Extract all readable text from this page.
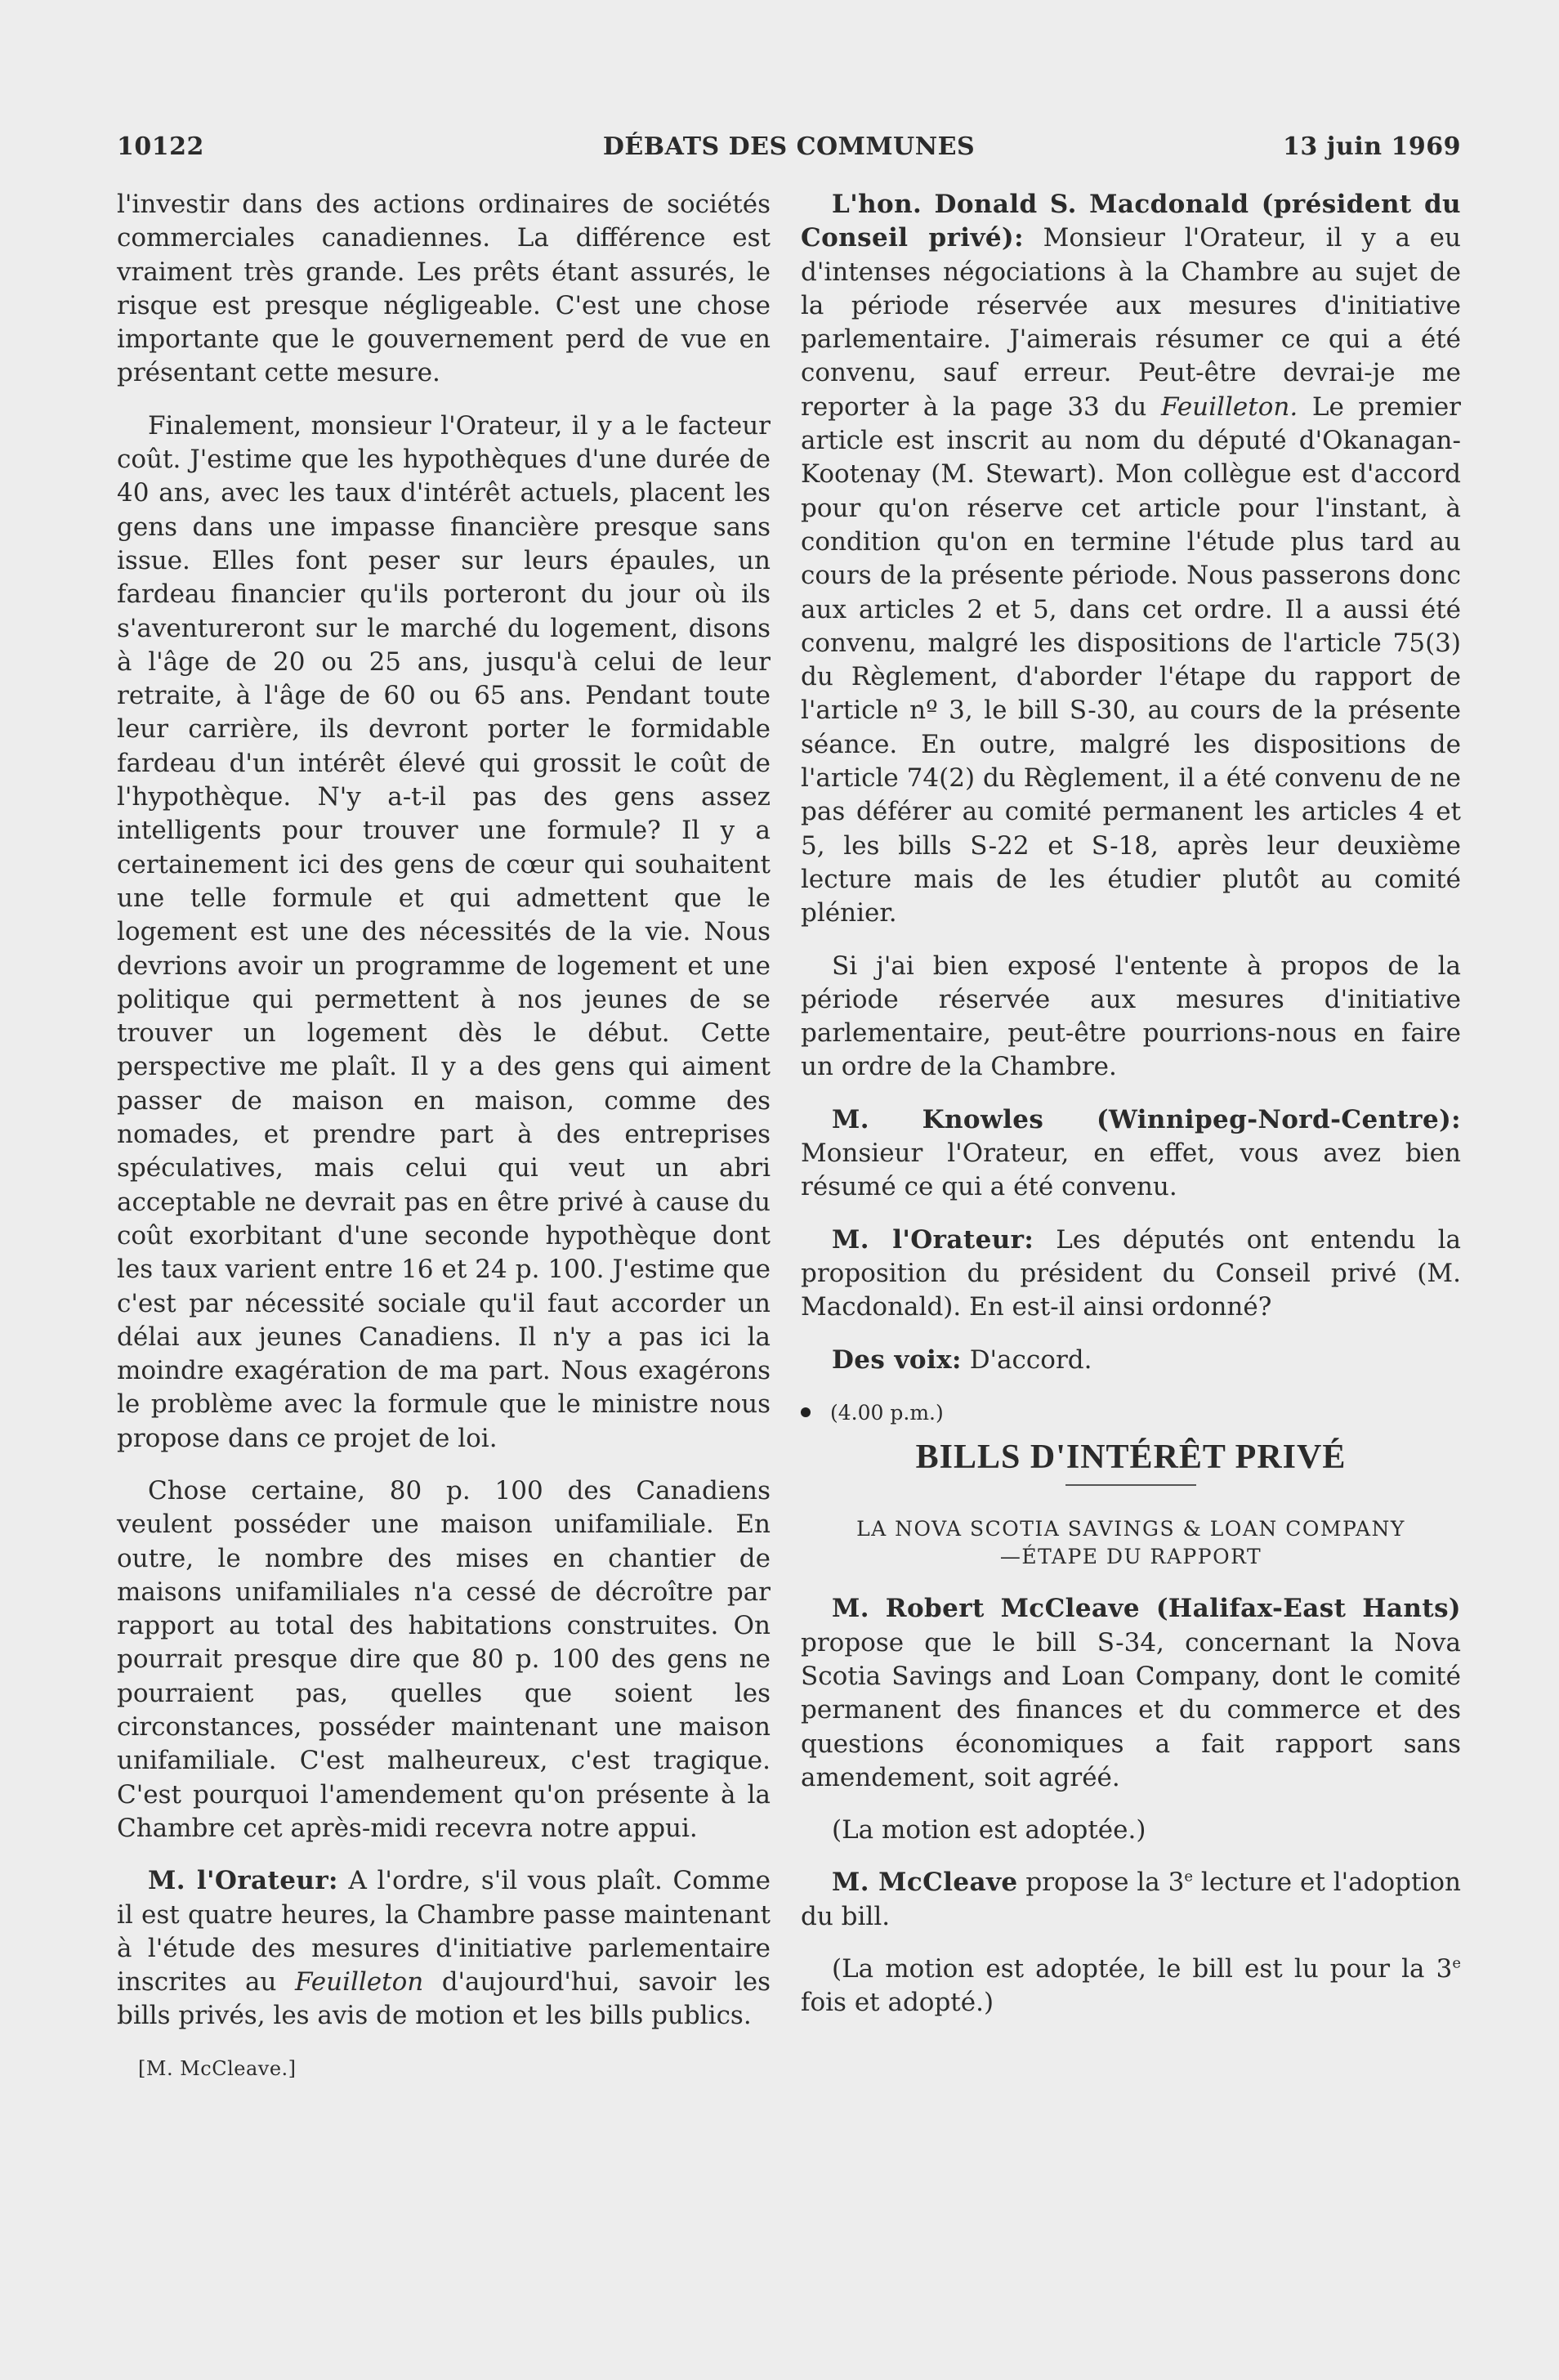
10122	DÉBATS DES COMMUNES	13 juin 1969

l'investir dans des actions ordinaires de sociétés commerciales canadiennes. La différence est vraiment très grande. Les prêts étant assurés, le risque est presque négligeable. C'est une chose importante que le gouvernement perd de vue en présentant cette mesure.

Finalement, monsieur l'Orateur, il y a le facteur coût. J'estime que les hypothèques d'une durée de 40 ans, avec les taux d'intérêt actuels, placent les gens dans une impasse financière presque sans issue. Elles font peser sur leurs épaules, un fardeau financier qu'ils porteront du jour où ils s'aventureront sur le marché du logement, disons à l'âge de 20 ou 25 ans, jusqu'à celui de leur retraite, à l'âge de 60 ou 65 ans. Pendant toute leur carrière, ils devront porter le formidable fardeau d'un intérêt élevé qui grossit le coût de l'hypothèque. N'y a-t-il pas des gens assez intelligents pour trouver une formule? Il y a certainement ici des gens de cœur qui souhaitent une telle formule et qui admettent que le logement est une des nécessités de la vie. Nous devrions avoir un programme de logement et une politique qui permettent à nos jeunes de se trouver un logement dès le début. Cette perspective me plaît. Il y a des gens qui aiment passer de maison en maison, comme des nomades, et prendre part à des entreprises spéculatives, mais celui qui veut un abri acceptable ne devrait pas en être privé à cause du coût exorbitant d'une seconde hypothèque dont les taux varient entre 16 et 24 p. 100. J'estime que c'est par nécessité sociale qu'il faut accorder un délai aux jeunes Canadiens. Il n'y a pas ici la moindre exagération de ma part. Nous exagérons le problème avec la formule que le ministre nous propose dans ce projet de loi.

Chose certaine, 80 p. 100 des Canadiens veulent posséder une maison unifamiliale. En outre, le nombre des mises en chantier de maisons unifamiliales n'a cessé de décroître par rapport au total des habitations construites. On pourrait presque dire que 80 p. 100 des gens ne pourraient pas, quelles que soient les circonstances, posséder maintenant une maison unifamiliale. C'est malheureux, c'est tragique. C'est pourquoi l'amendement qu'on présente à la Chambre cet après-midi recevra notre appui.

M. l'Orateur: A l'ordre, s'il vous plaît. Comme il est quatre heures, la Chambre passe maintenant à l'étude des mesures d'initiative parlementaire inscrites au Feuilleton d'aujourd'hui, savoir les bills privés, les avis de motion et les bills publics.

[M. McCleave.]

L'hon. Donald S. Macdonald (président du Conseil privé): Monsieur l'Orateur, il y a eu d'intenses négociations à la Chambre au sujet de la période réservée aux mesures d'initiative parlementaire. J'aimerais résumer ce qui a été convenu, sauf erreur. Peut-être devrai-je me reporter à la page 33 du Feuilleton. Le premier article est inscrit au nom du député d'Okanagan-Kootenay (M. Stewart). Mon collègue est d'accord pour qu'on réserve cet article pour l'instant, à condition qu'on en termine l'étude plus tard au cours de la présente période. Nous passerons donc aux articles 2 et 5, dans cet ordre. Il a aussi été convenu, malgré les dispositions de l'article 75(3) du Règlement, d'aborder l'étape du rapport de l'article nº 3, le bill S-30, au cours de la présente séance. En outre, malgré les dispositions de l'article 74(2) du Règlement, il a été convenu de ne pas déférer au comité permanent les articles 4 et 5, les bills S-22 et S-18, après leur deuxième lecture mais de les étudier plutôt au comité plénier.

Si j'ai bien exposé l'entente à propos de la période réservée aux mesures d'initiative parlementaire, peut-être pourrions-nous en faire un ordre de la Chambre.

M. Knowles (Winnipeg-Nord-Centre): Monsieur l'Orateur, en effet, vous avez bien résumé ce qui a été convenu.

M. l'Orateur: Les députés ont entendu la proposition du président du Conseil privé (M. Macdonald). En est-il ainsi ordonné?

Des voix: D'accord.

(4.00 p.m.)
BILLS D'INTÉRÊT PRIVÉ
LA NOVA SCOTIA SAVINGS & LOAN COMPANY
—ÉTAPE DU RAPPORT

M. Robert McCleave (Halifax-East Hants) propose que le bill S-34, concernant la Nova Scotia Savings and Loan Company, dont le comité permanent des finances et du commerce et des questions économiques a fait rapport sans amendement, soit agréé.

(La motion est adoptée.)

M. McCleave propose la 3e lecture et l'adoption du bill.

(La motion est adoptée, le bill est lu pour la 3e fois et adopté.)
